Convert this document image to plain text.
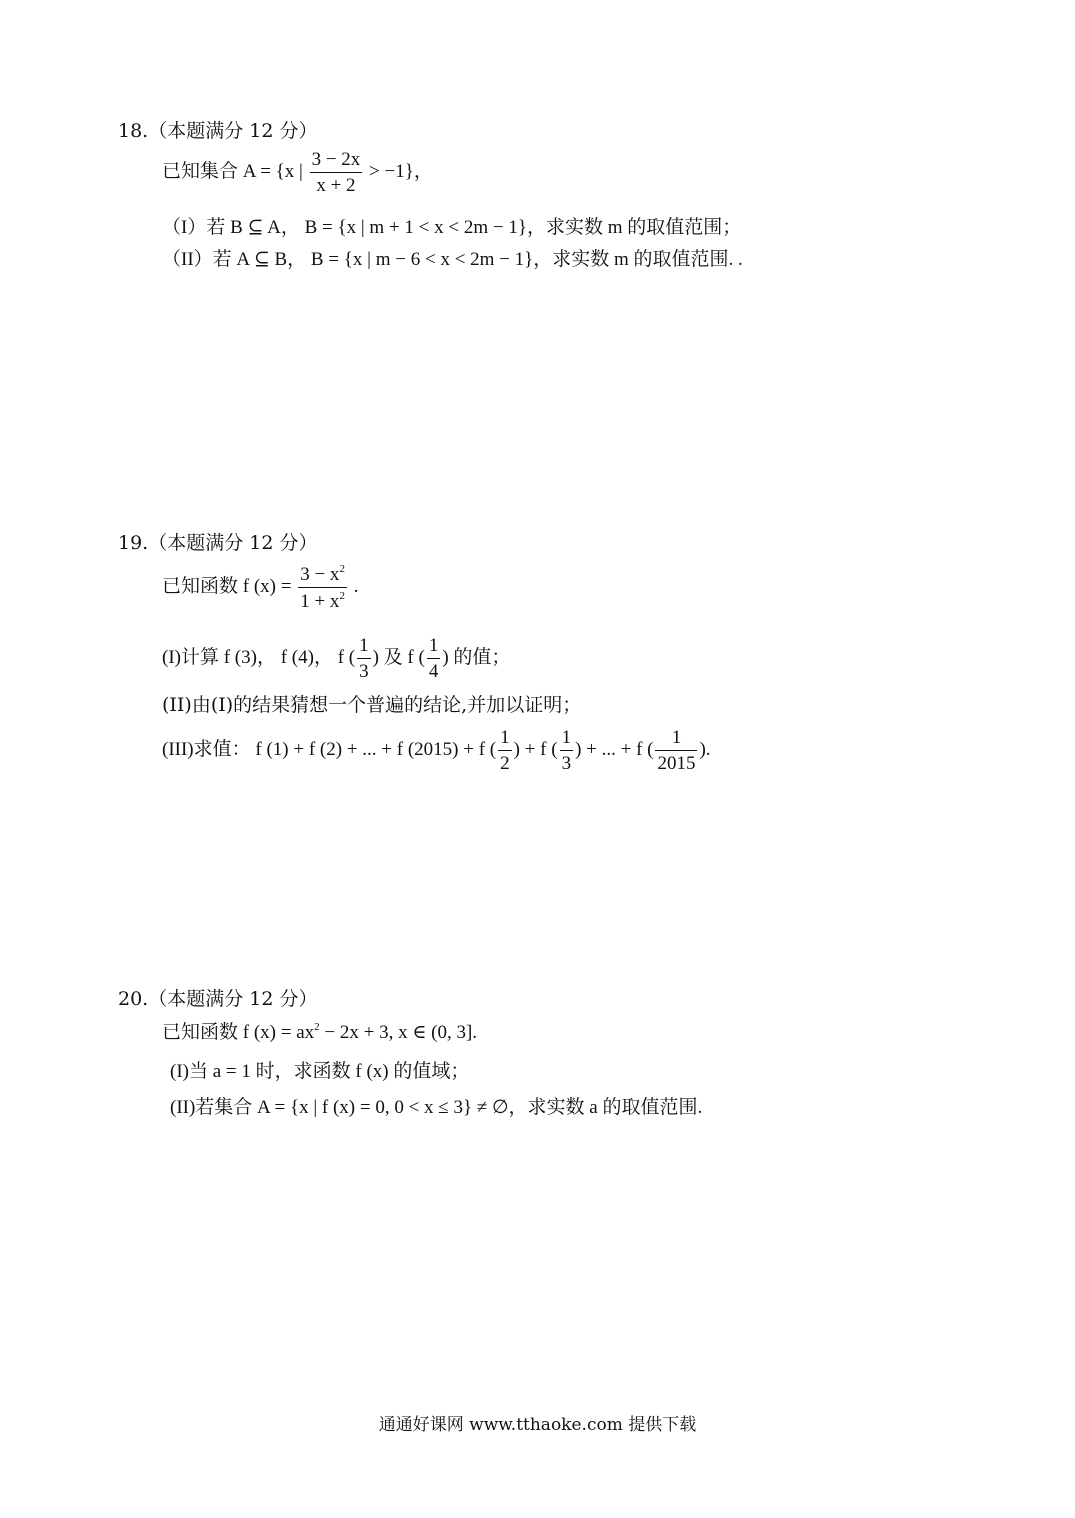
18.（本题满分 12 分）
已知集合 A = {x | $\frac{3 - 2x}{x + 2} > -1$}，
（I）若 B ⊆ A， B = {x | m + 1 < x < 2m − 1}，求实数 m 的取值范围；
（II）若 A ⊆ B， B = {x | m − 6 < x < 2m − 1}，求实数 m 的取值范围. .
19.（本题满分 12 分）
已知函数 f $(x) = \frac{3 - x^2}{1 + x^2}$ .
(I)计算 f (3)， f (4)， f ( $\frac{1}{3}$ ) 及 f ( $\frac{1}{4}$ ) 的值；
(II)由(I)的结果猜想一个普遍的结论,并加以证明；
(III)求值： f (1) + f (2) + ... + f (2015) + f ( $\frac{1}{2}$ ) + f ( $\frac{1}{3}$ ) + ... + f ( $\frac{1}{2015}$ ).
20.（本题满分 12 分）
已知函数 f $(x) = ax^2 - 2x + 3$, x ∈ (0, 3].
(I)当 a = 1 时，求函数 f (x) 的值域；
(II)若集合 A = {x | f (x) = 0, 0 < x ≤ 3} ≠ ∅，求实数 a 的取值范围.
通通好课网 www.tthaoke.com 提供下载
